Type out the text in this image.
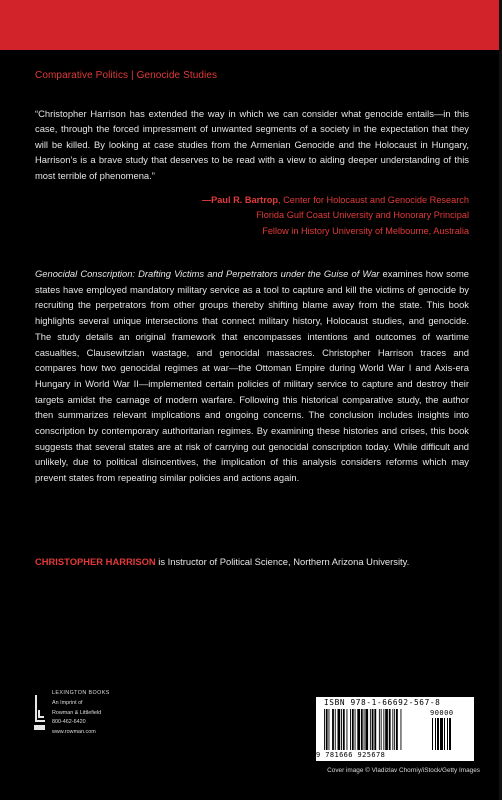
Comparative Politics | Genocide Studies
“Christopher Harrison has extended the way in which we can consider what genocide entails—in this case, through the forced impressment of unwanted segments of a society in the expectation that they will be killed. By looking at case studies from the Armenian Genocide and the Holocaust in Hungary, Harrison’s is a brave study that deserves to be read with a view to aiding deeper understanding of this most terrible of phenomena.”
—Paul R. Bartrop, Center for Holocaust and Genocide Research
Florida Gulf Coast University and Honorary Principal
Fellow in History University of Melbourne, Australia
Genocidal Conscription: Drafting Victims and Perpetrators under the Guise of War examines how some states have employed mandatory military service as a tool to capture and kill the victims of genocide by recruiting the perpetrators from other groups thereby shifting blame away from the state. This book highlights several unique intersections that connect military history, Holocaust studies, and genocide. The study details an original framework that encompasses intentions and outcomes of wartime casualties, Clausewitzian wastage, and genocidal massacres. Christopher Harrison traces and compares how two genocidal regimes at war—the Ottoman Empire during World War I and Axis-era Hungary in World War II—implemented certain policies of military service to capture and destroy their targets amidst the carnage of modern warfare. Following this historical comparative study, the author then summarizes relevant implications and ongoing concerns. The conclusion includes insights into conscription by contemporary authoritarian regimes. By examining these histories and crises, this book suggests that several states are at risk of carrying out genocidal conscription today. While difficult and unlikely, due to political disincentives, the implication of this analysis considers reforms which may prevent states from repeating similar policies and actions again.
CHRISTOPHER HARRISON is Instructor of Political Science, Northern Arizona University.
LEXINGTON BOOKS
An Imprint of
Rowman & Littlefield
800-462-6420
www.rowman.com
ISBN 978-1-66692-567-8
90000
9 781666 925678
Cover image © Vladizlav Chorniy/iStock/Getty Images
